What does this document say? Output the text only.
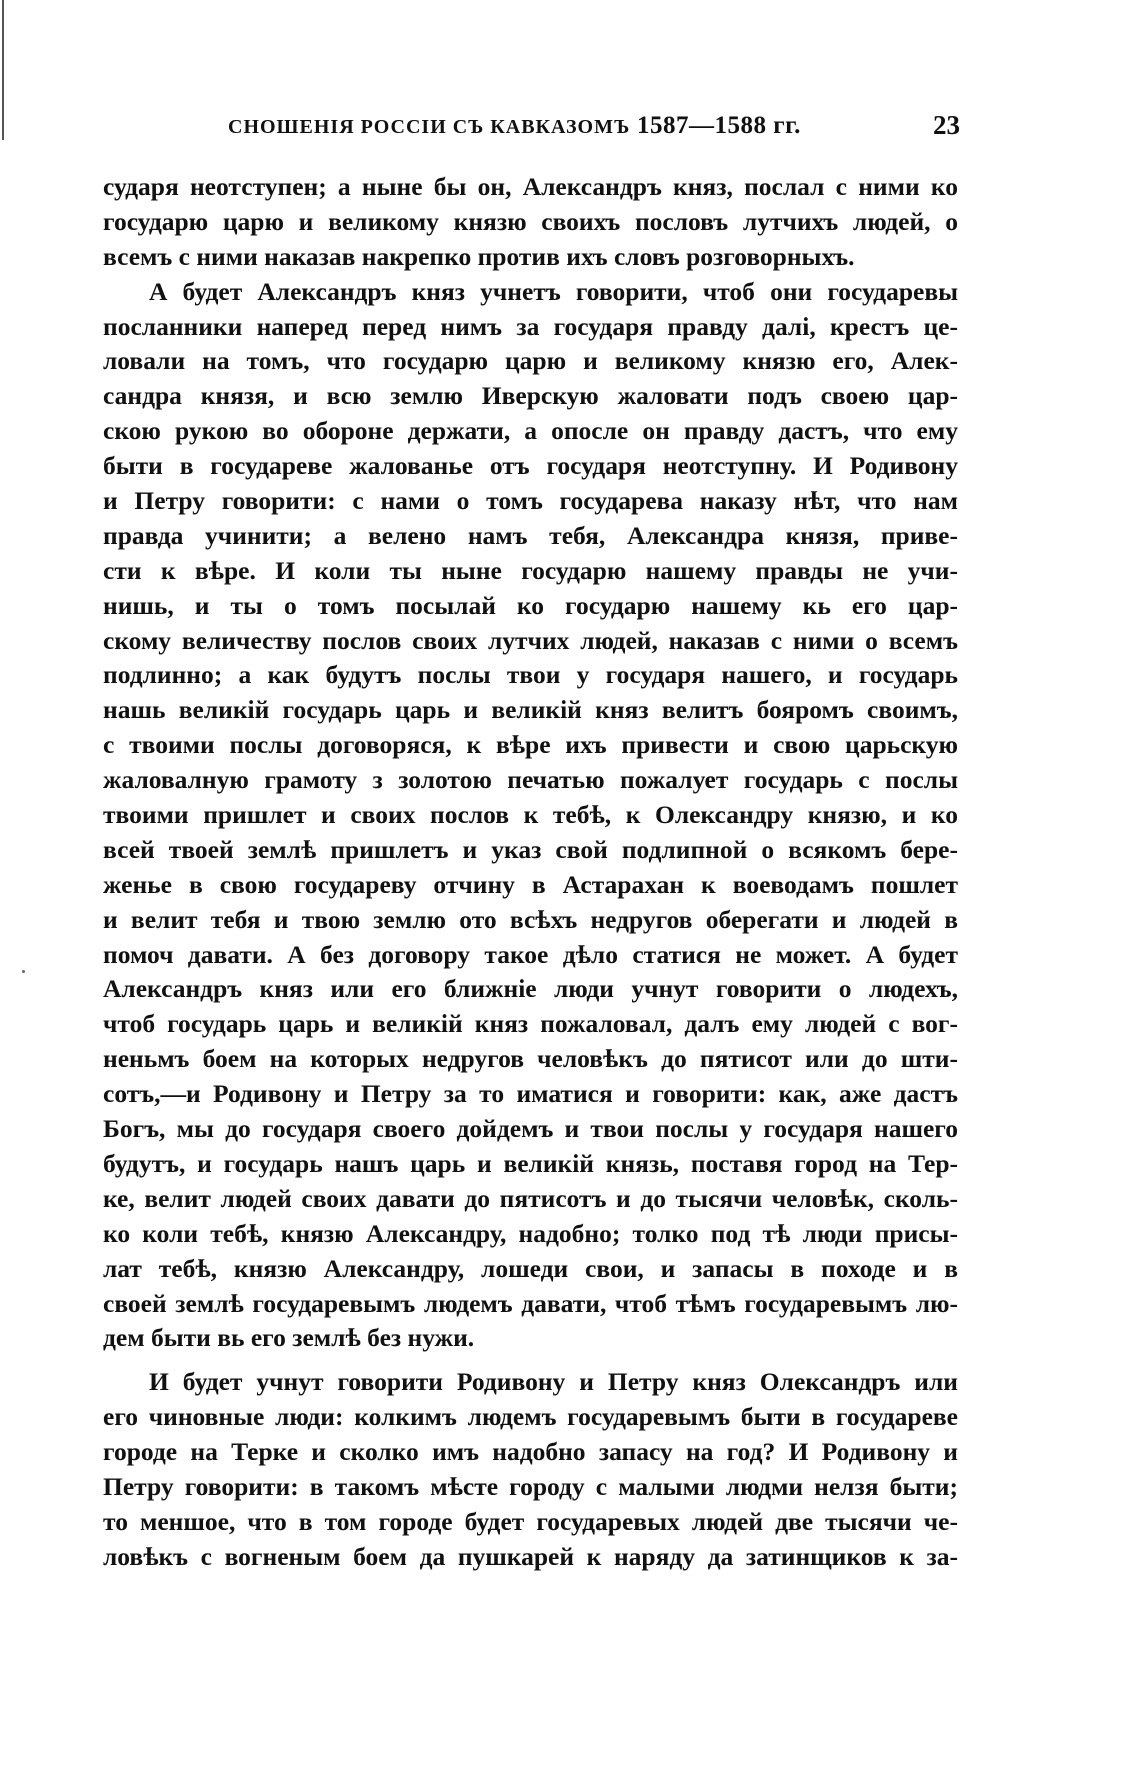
СНОШЕНІЯ РОССІИ СЪ КАВКАЗОМЪ 1587—1588 гг.	23
сударя неотступен; а ныне бы он, Александръ княз, послал с ними ко
государю царю и великому князю своихъ пословъ лутчихъ людей, о
всемъ с ними наказав накрепко против ихъ словъ розговорныхъ.
А будет Александръ княз учнетъ говорити, чтоб они государевы
посланники наперед перед нимъ за государя правду далі, крестъ це-
ловали на томъ, что государю царю и великому князю его, Алек-
сандра князя, и всю землю Иверскую жаловати подъ своею цар-
скою рукою во обороне держати, а опосле он правду дастъ, что ему
быти в государеве жалованье отъ государя неотступну. И Родивону
и Петру говорити: с нами о томъ государева наказу нѣт, что нам
правда учинити; а велено намъ тебя, Александра князя, приве-
сти к вѣре. И коли ты ныне государю нашему правды не учи-
нишь, и ты о томъ посылай ко государю нашему кь его цар-
скому величеству послов своих лутчих людей, наказав с ними о всемъ
подлинно; а как будутъ послы твои у государя нашего, и государь
нашь великій государь царь и великій княз велитъ бояромъ своимъ,
с твоими послы договоряся, к вѣре ихъ привести и свою царьскую
жаловалную грамоту з золотою печатью пожалует государь с послы
твоими пришлет и своих послов к тебѣ, к Олександру князю, и ко
всей твоей землѣ пришлетъ и указ свой подлипной о всякомъ бере-
женье в свою государеву отчину в Астарахан к воеводамъ пошлет
и велит тебя и твою землю ото всѣхъ недругов оберегати и людей в
помоч давати. А без договору такое дѣло статися не может. А будет
Александръ княз или его ближніе люди учнут говорити о людехъ,
чтоб государь царь и великій княз пожаловал, далъ ему людей с вог-
неньмъ боем на которых недругов человѣкъ до пятисот или до шти-
сотъ,—и Родивону и Петру за то иматися и говорити: как, аже дастъ
Богъ, мы до государя своего дойдемъ и твои послы у государя нашего
будутъ, и государь нашъ царь и великій князь, поставя город на Тер-
ке, велит людей своих давати до пятисотъ и до тысячи человѣк, сколь-
ко коли тебѣ, князю Александру, надобно; толко под тѣ люди присы-
лат тебѣ, князю Александру, лошеди свои, и запасы в походе и в
своей землѣ государевымъ людемъ давати, чтоб тѣмъ государевымъ лю-
дем быти вь его землѣ без нужи.
И будет учнут говорити Родивону и Петру княз Олександръ или
его чиновные люди: колкимъ людемъ государевымъ быти в государеве
городе на Терке и сколко имъ надобно запасу на год? И Родивону и
Петру говорити: в такомъ мѣсте городу с малыми людми нелзя быти;
то меншое, что в том городе будет государевых людей две тысячи че-
ловѣкъ с вогненым боем да пушкарей к наряду да затинщиков к за-
